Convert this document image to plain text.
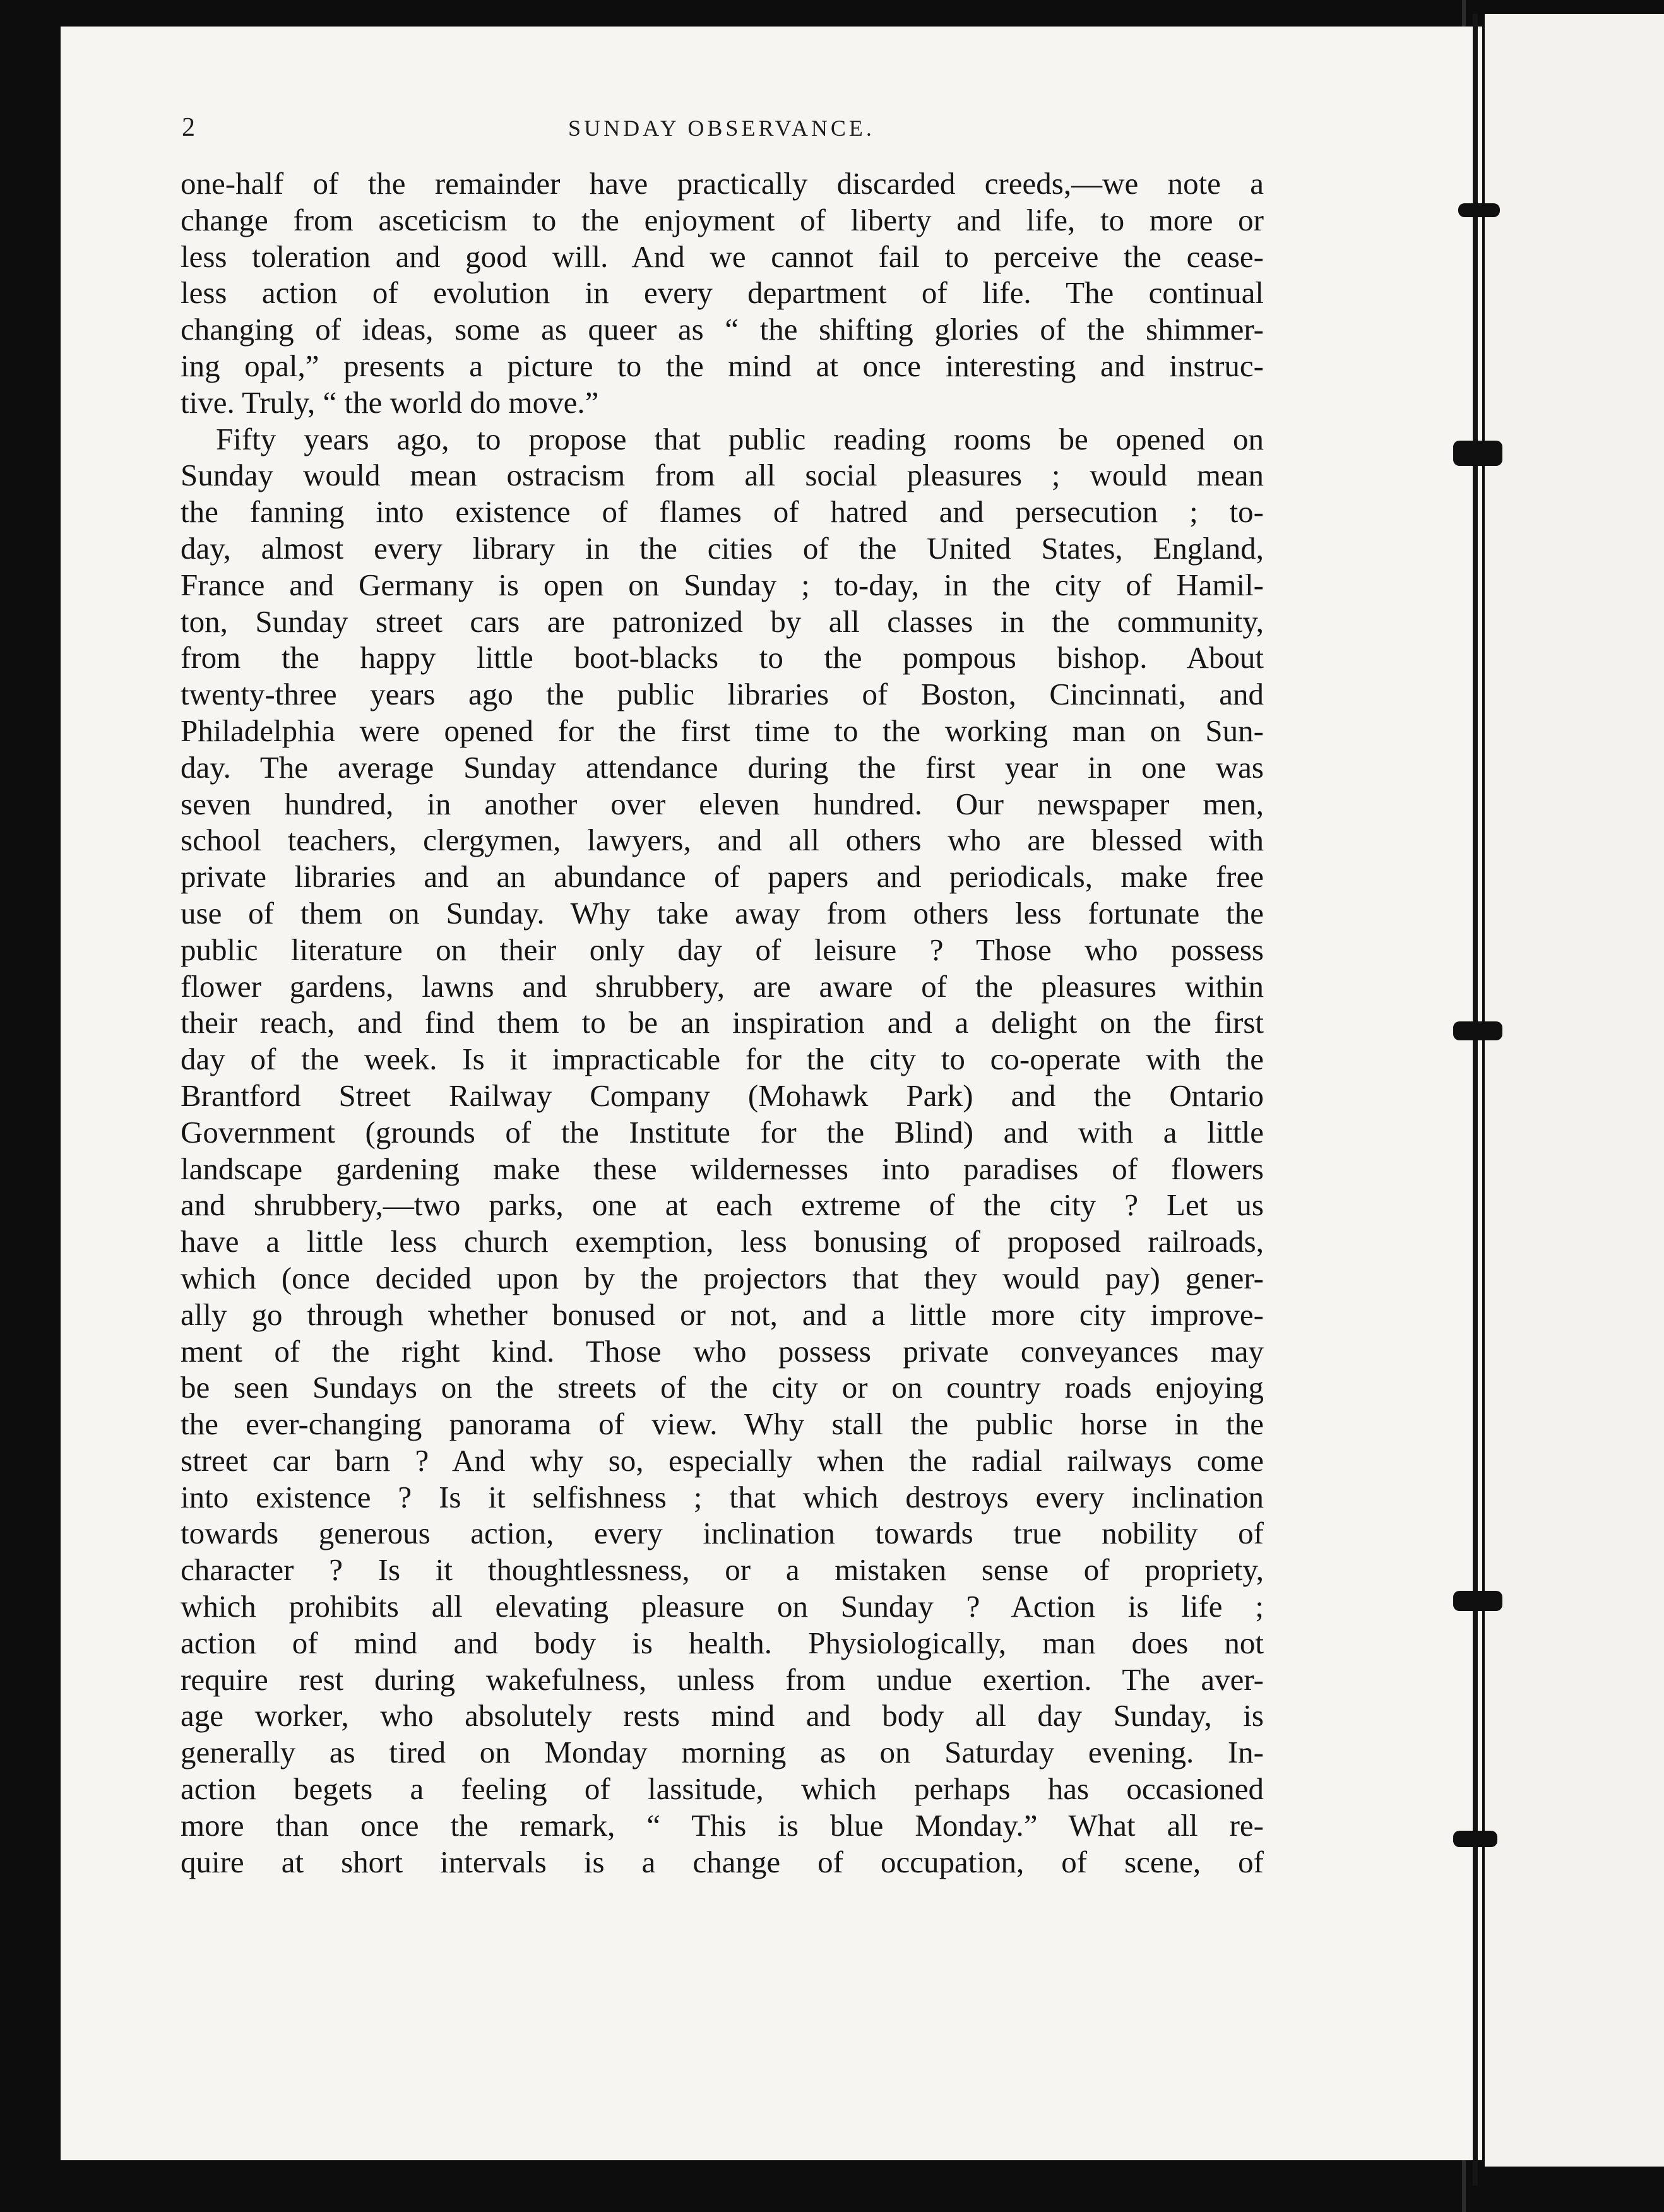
2	SUNDAY OBSERVANCE.
one-half of the remainder have practically discarded creeds,—we note a
change from asceticism to the enjoyment of liberty and life, to more or
less toleration and good will. And we cannot fail to perceive the cease-
less action of evolution in every department of life. The continual
changing of ideas, some as queer as “ the shifting glories of the shimmer-
ing opal,” presents a picture to the mind at once interesting and instruc-
tive. Truly, “ the world do move.”
Fifty years ago, to propose that public reading rooms be opened on
Sunday would mean ostracism from all social pleasures ; would mean
the fanning into existence of flames of hatred and persecution ; to-
day, almost every library in the cities of the United States, England,
France and Germany is open on Sunday ; to-day, in the city of Hamil-
ton, Sunday street cars are patronized by all classes in the community,
from the happy little boot-blacks to the pompous bishop. About
twenty-three years ago the public libraries of Boston, Cincinnati, and
Philadelphia were opened for the first time to the working man on Sun-
day. The average Sunday attendance during the first year in one was
seven hundred, in another over eleven hundred. Our newspaper men,
school teachers, clergymen, lawyers, and all others who are blessed with
private libraries and an abundance of papers and periodicals, make free
use of them on Sunday. Why take away from others less fortunate the
public literature on their only day of leisure ? Those who possess
flower gardens, lawns and shrubbery, are aware of the pleasures within
their reach, and find them to be an inspiration and a delight on the first
day of the week. Is it impracticable for the city to co-operate with the
Brantford Street Railway Company (Mohawk Park) and the Ontario
Government (grounds of the Institute for the Blind) and with a little
landscape gardening make these wildernesses into paradises of flowers
and shrubbery,—two parks, one at each extreme of the city ? Let us
have a little less church exemption, less bonusing of proposed railroads,
which (once decided upon by the projectors that they would pay) gener-
ally go through whether bonused or not, and a little more city improve-
ment of the right kind. Those who possess private conveyances may
be seen Sundays on the streets of the city or on country roads enjoying
the ever-changing panorama of view. Why stall the public horse in the
street car barn ? And why so, especially when the radial railways come
into existence ? Is it selfishness ; that which destroys every inclination
towards generous action, every inclination towards true nobility of
character ? Is it thoughtlessness, or a mistaken sense of propriety,
which prohibits all elevating pleasure on Sunday ? Action is life ;
action of mind and body is health. Physiologically, man does not
require rest during wakefulness, unless from undue exertion. The aver-
age worker, who absolutely rests mind and body all day Sunday, is
generally as tired on Monday morning as on Saturday evening. In-
action begets a feeling of lassitude, which perhaps has occasioned
more than once the remark, “ This is blue Monday.” What all re-
quire at short intervals is a change of occupation, of scene, of
